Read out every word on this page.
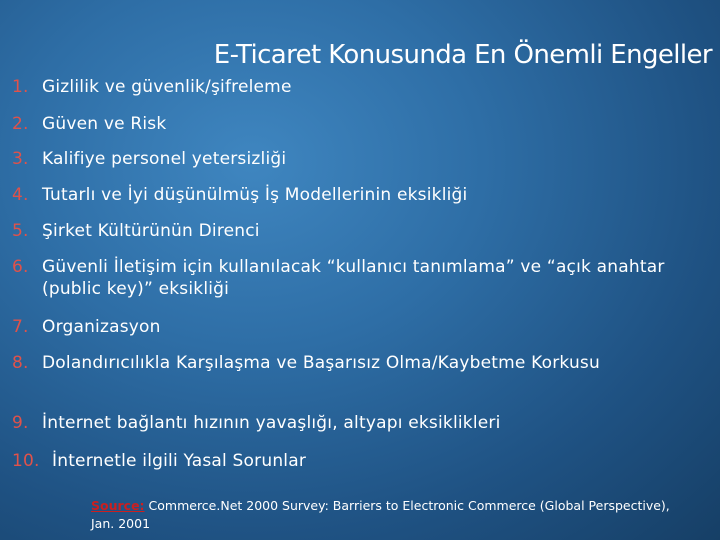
E-Ticaret Konusunda En Önemli Engeller
1. Gizlilik ve güvenlik/şifreleme
2. Güven ve Risk
3. Kalifiye personel yetersizliği
4. Tutarlı ve İyi düşünülmüş İş Modellerinin eksikliği
5. Şirket Kültürünün Direnci
6. Güvenli İletişim için kullanılacak “kullanıcı tanımlama” ve “açık anahtar (public key)” eksikliği
7. Organizasyon
8. Dolandırıcılıkla Karşılaşma ve Başarısız Olma/Kaybetme Korkusu
9. İnternet bağlantı hızının yavaşlığı, altyapı eksiklikleri
10. İnternetle ilgili Yasal Sorunlar
Source: Commerce.Net 2000 Survey: Barriers to Electronic Commerce (Global Perspective), Jan. 2001
